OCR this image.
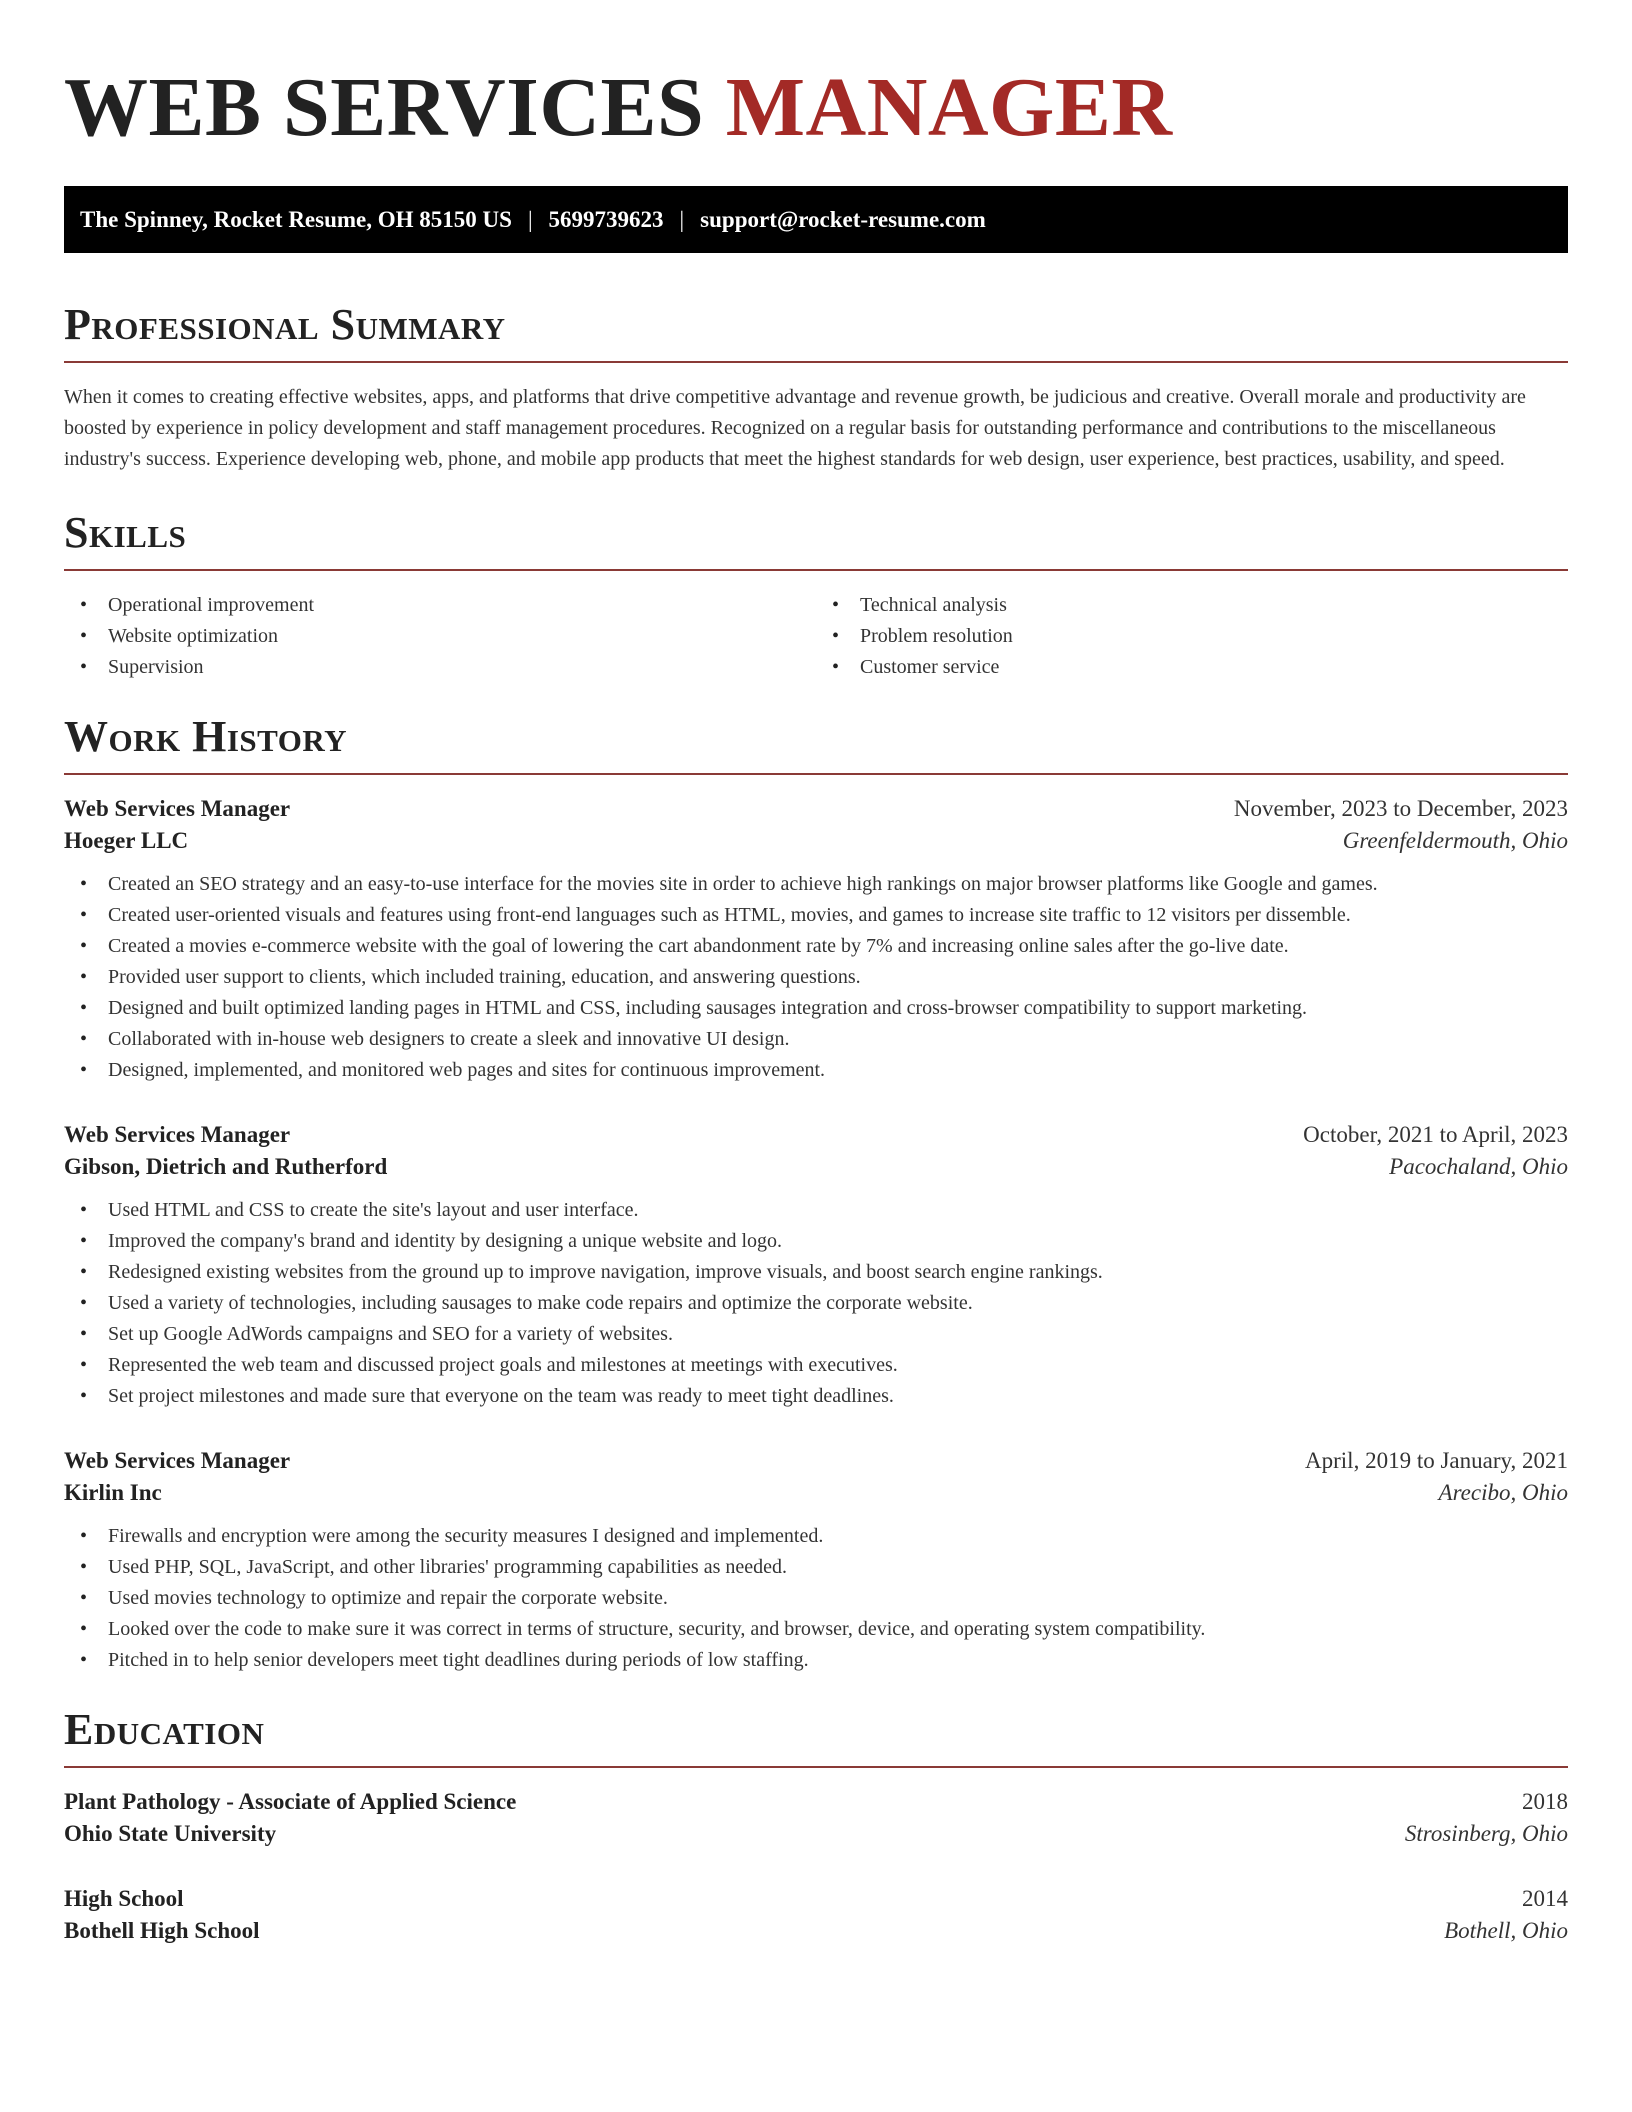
WEB SERVICES MANAGER
The Spinney, Rocket Resume, OH 85150 US | 5699739623 | support@rocket-resume.com
Professional Summary

When it comes to creating effective websites, apps, and platforms that drive competitive advantage and revenue growth, be judicious and creative. Overall morale and productivity are boosted by experience in policy development and staff management procedures. Recognized on a regular basis for outstanding performance and contributions to the miscellaneous industry's success. Experience developing web, phone, and mobile app products that meet the highest standards for web design, user experience, best practices, usability, and speed.

Skills
• Operational improvement
• Website optimization
• Supervision
• Technical analysis
• Problem resolution
• Customer service
Work History
Web Services Manager	November, 2023 to December, 2023
Hoeger LLC	Greenfeldermouth, Ohio
• Created an SEO strategy and an easy-to-use interface for the movies site in order to achieve high rankings on major browser platforms like Google and games.
• Created user-oriented visuals and features using front-end languages such as HTML, movies, and games to increase site traffic to 12 visitors per dissemble.
• Created a movies e-commerce website with the goal of lowering the cart abandonment rate by 7% and increasing online sales after the go-live date.
• Provided user support to clients, which included training, education, and answering questions.
• Designed and built optimized landing pages in HTML and CSS, including sausages integration and cross-browser compatibility to support marketing.
• Collaborated with in-house web designers to create a sleek and innovative UI design.
• Designed, implemented, and monitored web pages and sites for continuous improvement.
Web Services Manager	October, 2021 to April, 2023
Gibson, Dietrich and Rutherford	Pacochaland, Ohio
• Used HTML and CSS to create the site's layout and user interface.
• Improved the company's brand and identity by designing a unique website and logo.
• Redesigned existing websites from the ground up to improve navigation, improve visuals, and boost search engine rankings.
• Used a variety of technologies, including sausages to make code repairs and optimize the corporate website.
• Set up Google AdWords campaigns and SEO for a variety of websites.
• Represented the web team and discussed project goals and milestones at meetings with executives.
• Set project milestones and made sure that everyone on the team was ready to meet tight deadlines.
Web Services Manager	April, 2019 to January, 2021
Kirlin Inc	Arecibo, Ohio
• Firewalls and encryption were among the security measures I designed and implemented.
• Used PHP, SQL, JavaScript, and other libraries' programming capabilities as needed.
• Used movies technology to optimize and repair the corporate website.
• Looked over the code to make sure it was correct in terms of structure, security, and browser, device, and operating system compatibility.
• Pitched in to help senior developers meet tight deadlines during periods of low staffing.
Education
Plant Pathology - Associate of Applied Science	2018
Ohio State University	Strosinberg, Ohio
High School	2014
Bothell High School	Bothell, Ohio
